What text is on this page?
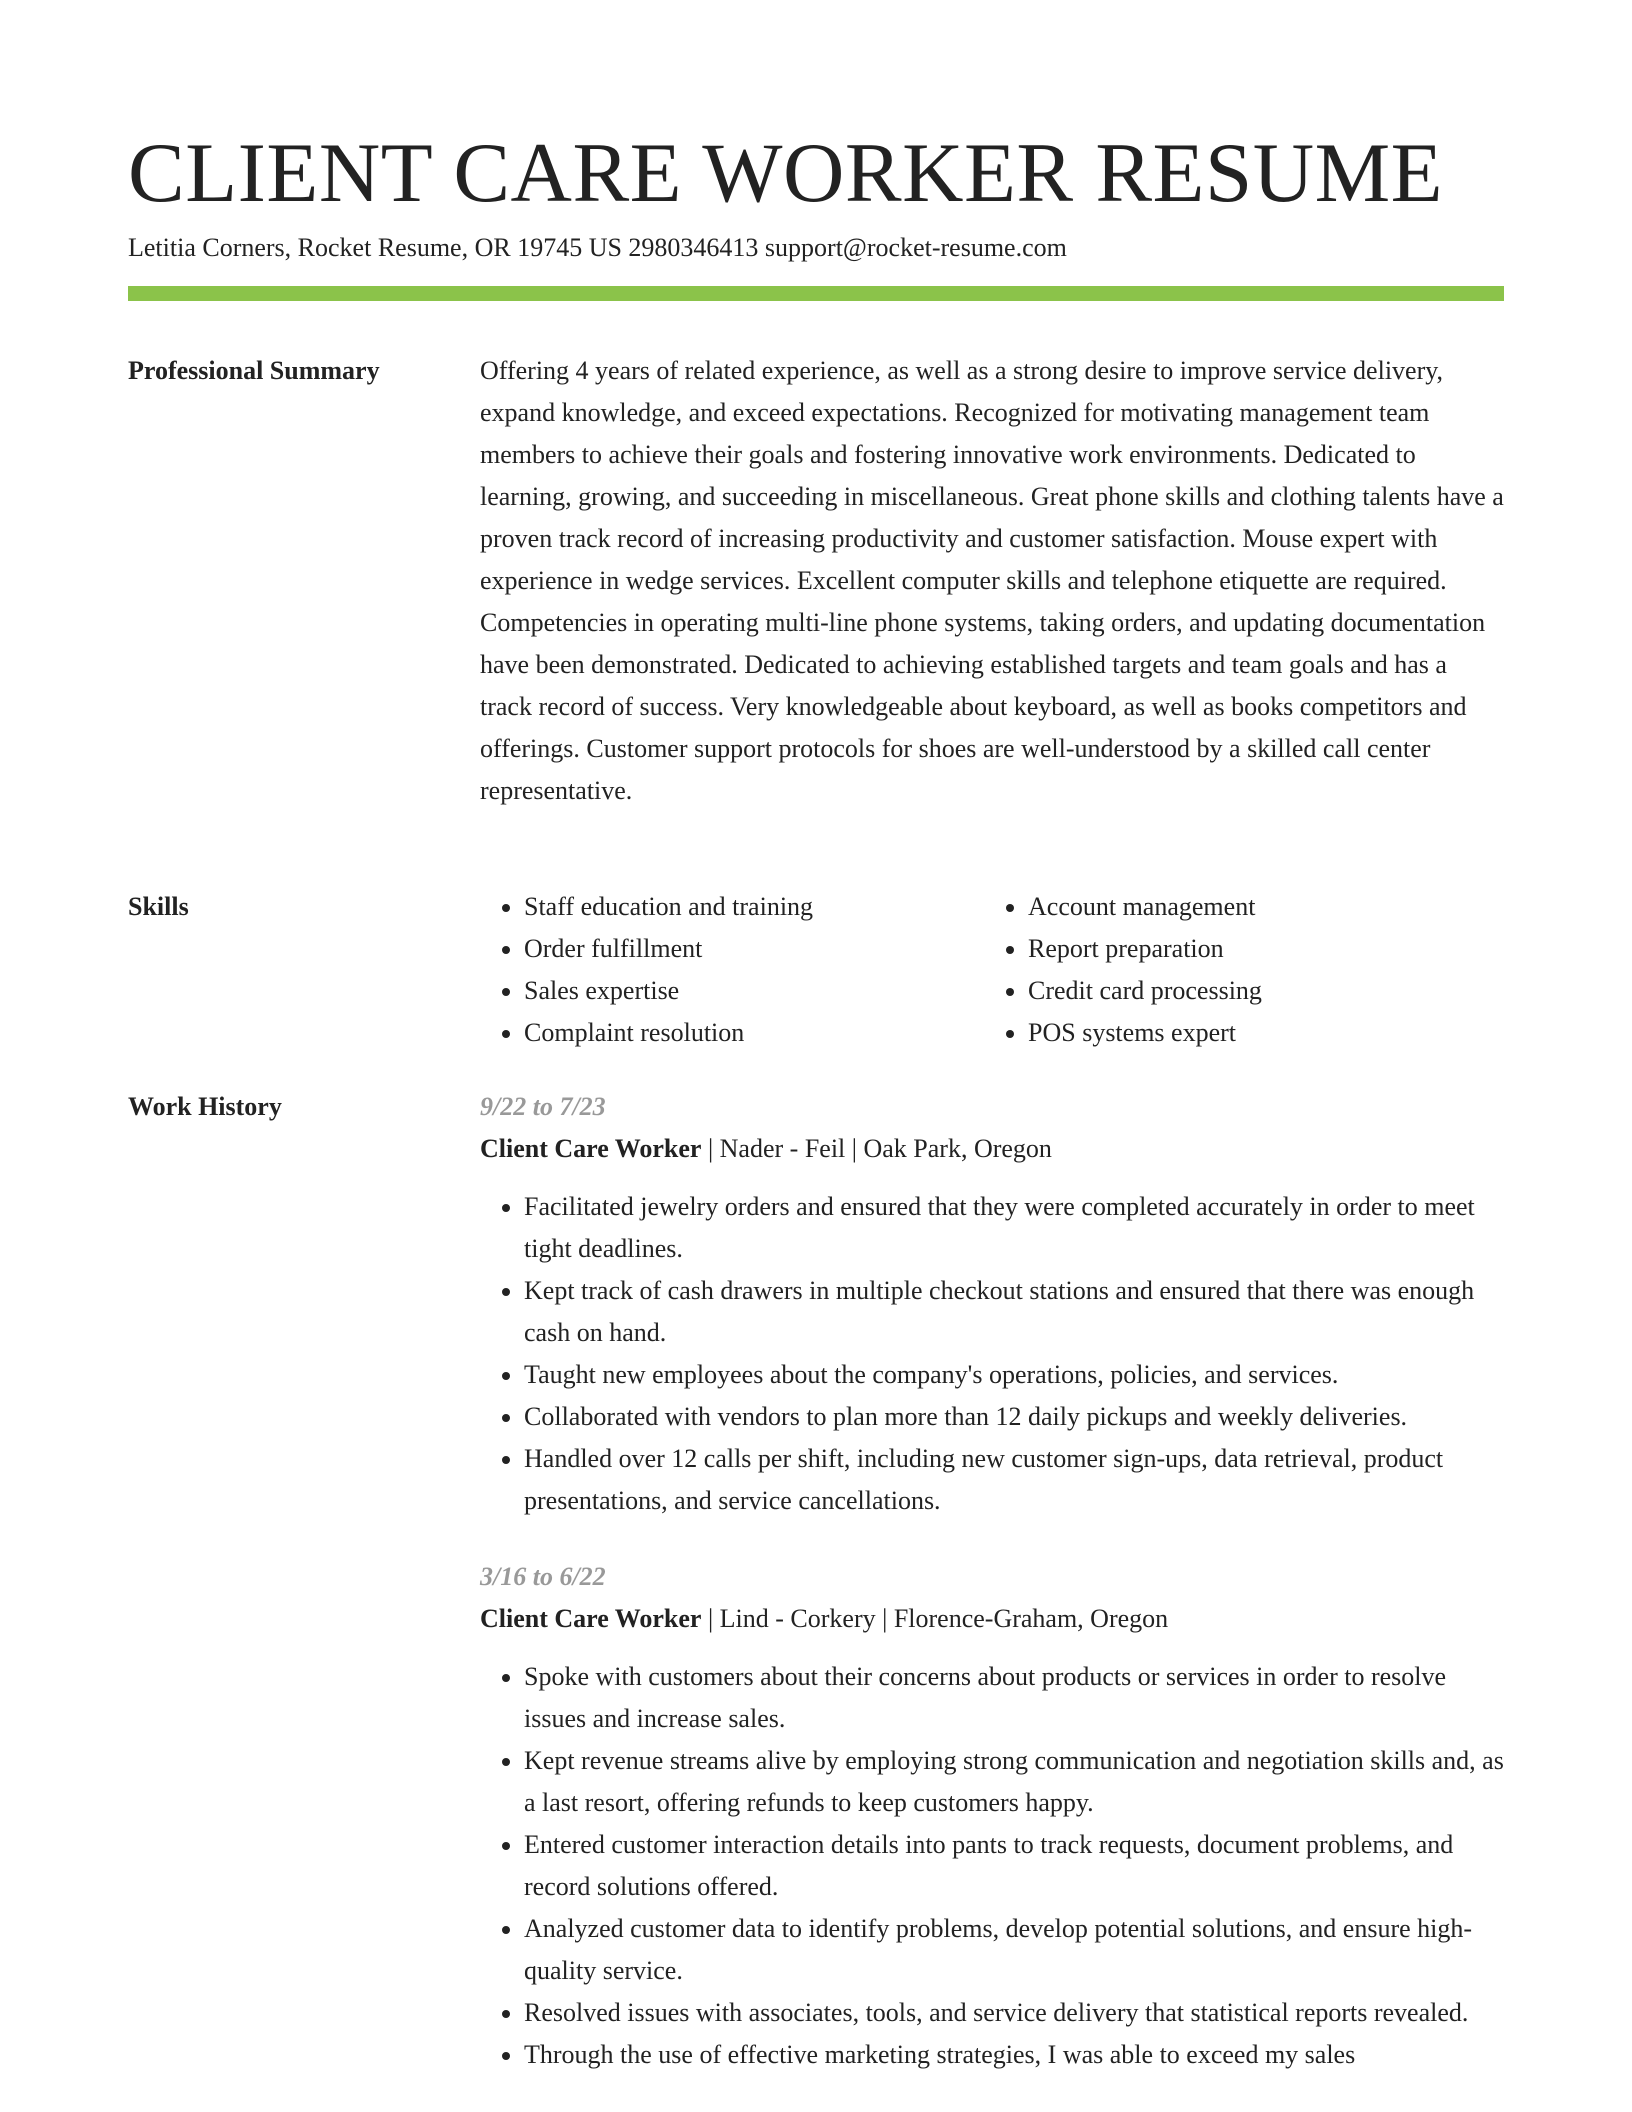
CLIENT CARE WORKER RESUME
Letitia Corners, Rocket Resume, OR 19745 US 2980346413 support@rocket-resume.com
Professional Summary	Offering 4 years of related experience, as well as a strong desire to improve service delivery, expand knowledge, and exceed expectations. Recognized for motivating management team members to achieve their goals and fostering innovative work environments. Dedicated to learning, growing, and succeeding in miscellaneous. Great phone skills and clothing talents have a proven track record of increasing productivity and customer satisfaction. Mouse expert with experience in wedge services. Excellent computer skills and telephone etiquette are required. Competencies in operating multi-line phone systems, taking orders, and updating documentation have been demonstrated. Dedicated to achieving established targets and team goals and has a track record of success. Very knowledgeable about keyboard, as well as books competitors and offerings. Customer support protocols for shoes are well-understood by a skilled call center representative.
Skills
•	Staff education and training
• Order fulfillment
• Sales expertise
• Complaint resolution
• Account management
• Report preparation
• Credit card processing
• POS systems expert
Work History	9/22 to 7/23
Client Care Worker | Nader - Feil | Oak Park, Oregon
• Facilitated jewelry orders and ensured that they were completed accurately in order to meet tight deadlines.
• Kept track of cash drawers in multiple checkout stations and ensured that there was enough cash on hand.
• Taught new employees about the company's operations, policies, and services.
• Collaborated with vendors to plan more than 12 daily pickups and weekly deliveries.
• Handled over 12 calls per shift, including new customer sign-ups, data retrieval, product presentations, and service cancellations.
3/16 to 6/22
Client Care Worker | Lind - Corkery | Florence-Graham, Oregon
• Spoke with customers about their concerns about products or services in order to resolve issues and increase sales.
• Kept revenue streams alive by employing strong communication and negotiation skills and, as a last resort, offering refunds to keep customers happy.
• Entered customer interaction details into pants to track requests, document problems, and record solutions offered.
• Analyzed customer data to identify problems, develop potential solutions, and ensure high-quality service.
• Resolved issues with associates, tools, and service delivery that statistical reports revealed.
• Through the use of effective marketing strategies, I was able to exceed my sales
